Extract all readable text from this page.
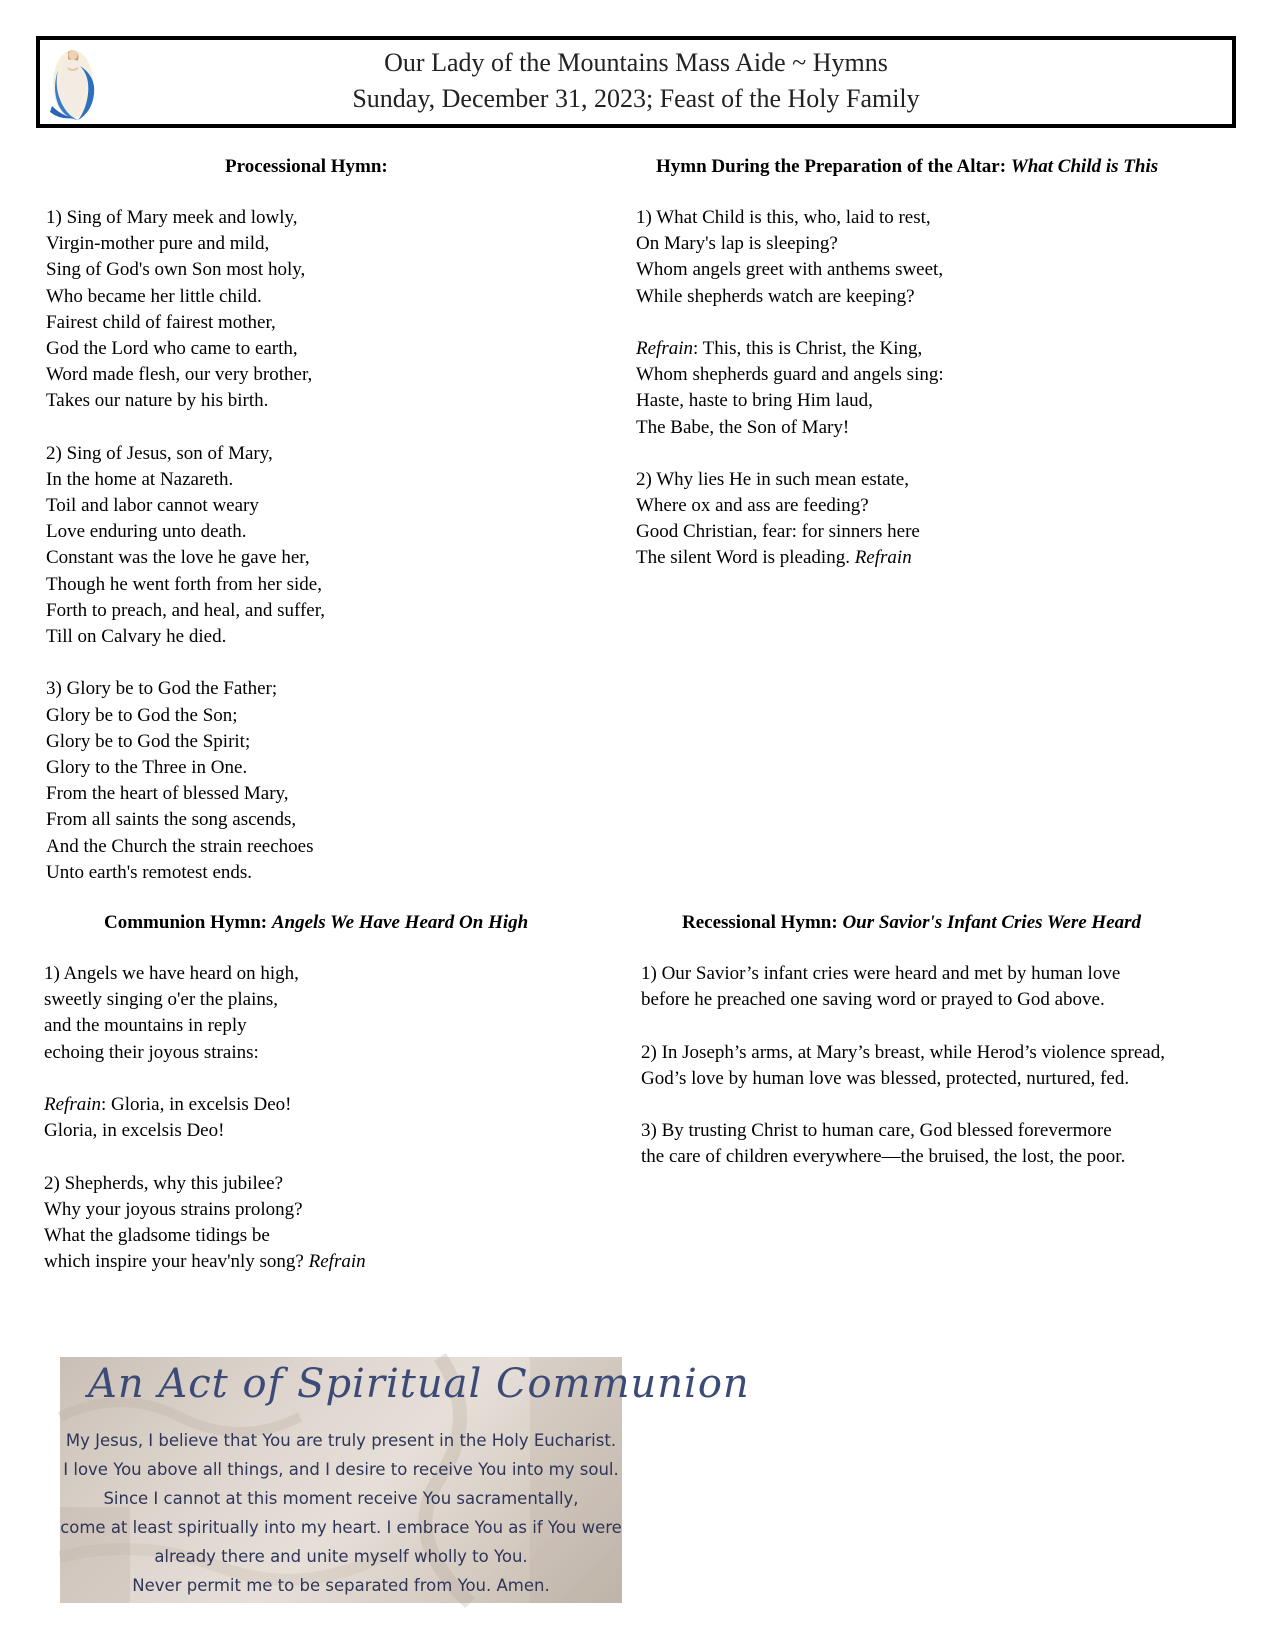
Our Lady of the Mountains Mass Aide ~ Hymns
Sunday, December 31, 2023; Feast of the Holy Family
Processional Hymn:
1) Sing of Mary meek and lowly,
Virgin-mother pure and mild,
Sing of God's own Son most holy,
Who became her little child.
Fairest child of fairest mother,
God the Lord who came to earth,
Word made flesh, our very brother,
Takes our nature by his birth.
2) Sing of Jesus, son of Mary,
In the home at Nazareth.
Toil and labor cannot weary
Love enduring unto death.
Constant was the love he gave her,
Though he went forth from her side,
Forth to preach, and heal, and suffer,
Till on Calvary he died.
3) Glory be to God the Father;
Glory be to God the Son;
Glory be to God the Spirit;
Glory to the Three in One.
From the heart of blessed Mary,
From all saints the song ascends,
And the Church the strain reechoes
Unto earth's remotest ends.
Hymn During the Preparation of the Altar: What Child is This
1) What Child is this, who, laid to rest,
On Mary's lap is sleeping?
Whom angels greet with anthems sweet,
While shepherds watch are keeping?
Refrain: This, this is Christ, the King,
Whom shepherds guard and angels sing:
Haste, haste to bring Him laud,
The Babe, the Son of Mary!
2) Why lies He in such mean estate,
Where ox and ass are feeding?
Good Christian, fear: for sinners here
The silent Word is pleading. Refrain
Communion Hymn: Angels We Have Heard On High
1) Angels we have heard on high,
sweetly singing o'er the plains,
and the mountains in reply
echoing their joyous strains:
Refrain: Gloria, in excelsis Deo!
Gloria, in excelsis Deo!
2) Shepherds, why this jubilee?
Why your joyous strains prolong?
What the gladsome tidings be
which inspire your heav'nly song? Refrain
Recessional Hymn: Our Savior's Infant Cries Were Heard
1) Our Savior’s infant cries were heard and met by human love
before he preached one saving word or prayed to God above.
2) In Joseph’s arms, at Mary’s breast, while Herod’s violence spread,
God’s love by human love was blessed, protected, nurtured, fed.
3) By trusting Christ to human care, God blessed forevermore
the care of children everywhere—the bruised, the lost, the poor.
An Act of Spiritual Communion
My Jesus, I believe that You are truly present in the Holy Eucharist.
I love You above all things, and I desire to receive You into my soul.
Since I cannot at this moment receive You sacramentally,
come at least spiritually into my heart. I embrace You as if You were
already there and unite myself wholly to You.
Never permit me to be separated from You. Amen.
